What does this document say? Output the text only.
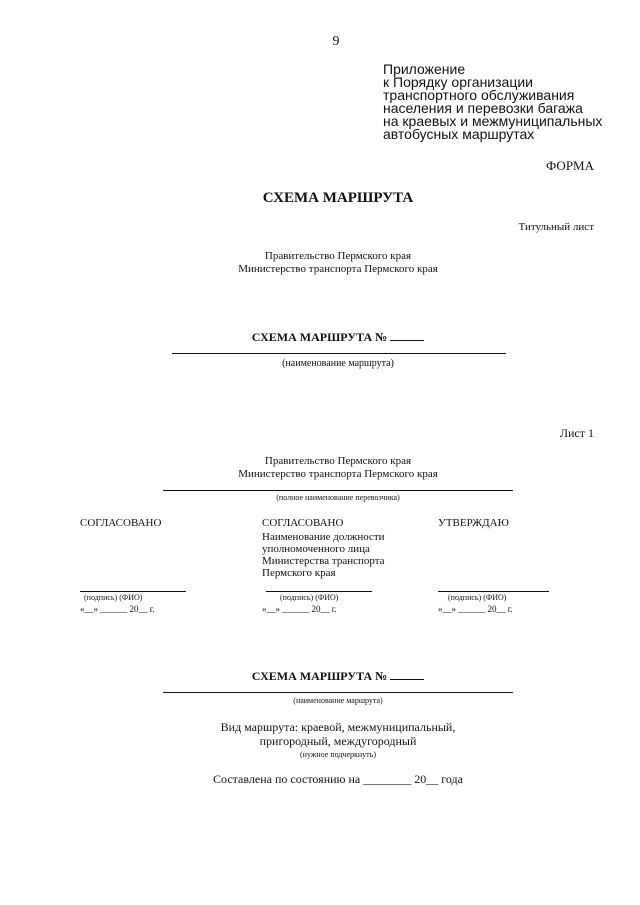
9
Приложение
к Порядку организации
транспортного обслуживания
населения и перевозки багажа
на краевых и межмуниципальных
автобусных маршрутах
ФОРМА
СХЕМА МАРШРУТА
Титульный лист
Правительство Пермского края
Министерство транспорта Пермского края
СХЕМА МАРШРУТА №
(наименование маршрута)
Лист 1
Правительство Пермского края
Министерство транспорта Пермского края
(полное наименование перевозчика)
СОГЛАСОВАНО
(подпись) (ФИО)
«__» ______ 20__ г.
СОГЛАСОВАНО
Наименование должности
уполномоченного лица
Министерства транспорта
Пермского края
(подпись) (ФИО)
«__» ______ 20__ г.
УТВЕРЖДАЮ
(подпись) (ФИО)
«__» ______ 20__ г.
СХЕМА МАРШРУТА №
(наименование маршрута)
Вид маршрута: краевой, межмуниципальный,
пригородный, междугородный
(нужное подчеркнуть)
Составлена по состоянию на ________ 20__ года
